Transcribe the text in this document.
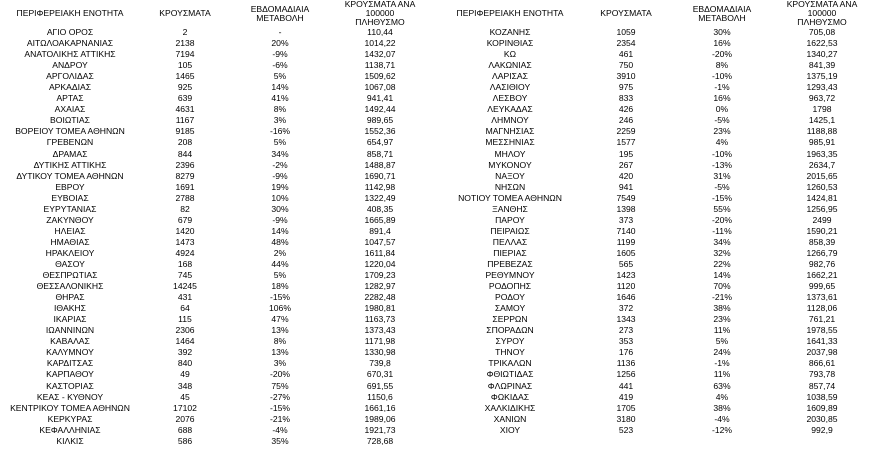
ΠΕΡΙΦΕΡΕΙΑΚΗ ΕΝΟΤΗΤΑ	ΚΡΟΥΣΜΑΤΑ	ΕΒΔΟΜΑΔΙΑΙΑ
ΜΕΤΑΒΟΛΗ	ΚΡΟΥΣΜΑΤΑ ΑΝΑ 100000
ΠΛΗΘΥΣΜΟ
ΑΓΙΟ ΟΡΟΣ	2	-	110,44
ΑΙΤΩΛΟΑΚΑΡΝΑΝΙΑΣ	2138	20%	1014,22
ΑΝΑΤΟΛΙΚΗΣ ΑΤΤΙΚΗΣ	7194	-9%	1432,07
ΑΝΔΡΟΥ	105	-6%	1138,71
ΑΡΓΟΛΙΔΑΣ	1465	5%	1509,62
ΑΡΚΑΔΙΑΣ	925	14%	1067,08
ΑΡΤΑΣ	639	41%	941,41
ΑΧΑΙΑΣ	4631	8%	1492,44
ΒΟΙΩΤΙΑΣ	1167	3%	989,65
ΒΟΡΕΙΟΥ ΤΟΜΕΑ ΑΘΗΝΩΝ	9185	-16%	1552,36
ΓΡΕΒΕΝΩΝ	208	5%	654,97
ΔΡΑΜΑΣ	844	34%	858,71
ΔΥΤΙΚΗΣ ΑΤΤΙΚΗΣ	2396	-2%	1488,87
ΔΥΤΙΚΟΥ ΤΟΜΕΑ ΑΘΗΝΩΝ	8279	-9%	1690,71
ΕΒΡΟΥ	1691	19%	1142,98
ΕΥΒΟΙΑΣ	2788	10%	1322,49
ΕΥΡΥΤΑΝΙΑΣ	82	30%	408,35
ΖΑΚΥΝΘΟΥ	679	-9%	1665,89
ΗΛΕΙΑΣ	1420	14%	891,4
ΗΜΑΘΙΑΣ	1473	48%	1047,57
ΗΡΑΚΛΕΙΟΥ	4924	2%	1611,84
ΘΑΣΟΥ	168	44%	1220,04
ΘΕΣΠΡΩΤΙΑΣ	745	5%	1709,23
ΘΕΣΣΑΛΟΝΙΚΗΣ	14245	18%	1282,97
ΘΗΡΑΣ	431	-15%	2282,48
ΙΘΑΚΗΣ	64	106%	1980,81
ΙΚΑΡΙΑΣ	115	47%	1163,73
ΙΩΑΝΝΙΝΩΝ	2306	13%	1373,43
ΚΑΒΑΛΑΣ	1464	8%	1171,98
ΚΑΛΥΜΝΟΥ	392	13%	1330,98
ΚΑΡΔΙΤΣΑΣ	840	3%	739,8
ΚΑΡΠΑΘΟΥ	49	-20%	670,31
ΚΑΣΤΟΡΙΑΣ	348	75%	691,55
ΚΕΑΣ - ΚΥΘΝΟΥ	45	-27%	1150,6
ΚΕΝΤΡΙΚΟΥ ΤΟΜΕΑ ΑΘΗΝΩΝ	17102	-15%	1661,16
ΚΕΡΚΥΡΑΣ	2076	-21%	1989,06
ΚΕΦΑΛΛΗΝΙΑΣ	688	-4%	1921,73
ΚΙΛΚΙΣ	586	35%	728,68
ΠΕΡΙΦΕΡΕΙΑΚΗ ΕΝΟΤΗΤΑ	ΚΡΟΥΣΜΑΤΑ	ΕΒΔΟΜΑΔΙΑΙΑ
ΜΕΤΑΒΟΛΗ	ΚΡΟΥΣΜΑΤΑ ΑΝΑ 100000
ΠΛΗΘΥΣΜΟ
ΚΟΖΑΝΗΣ	1059	30%	705,08
ΚΟΡΙΝΘΙΑΣ	2354	16%	1622,53
ΚΩ	461	-20%	1340,27
ΛΑΚΩΝΙΑΣ	750	8%	841,39
ΛΑΡΙΣΑΣ	3910	-10%	1375,19
ΛΑΣΙΘΙΟΥ	975	-1%	1293,43
ΛΕΣΒΟΥ	833	16%	963,72
ΛΕΥΚΑΔΑΣ	426	0%	1798
ΛΗΜΝΟΥ	246	-5%	1425,1
ΜΑΓΝΗΣΙΑΣ	2259	23%	1188,88
ΜΕΣΣΗΝΙΑΣ	1577	4%	985,91
ΜΗΛΟΥ	195	-10%	1963,35
ΜΥΚΟΝΟΥ	267	-13%	2634,7
ΝΑΞΟΥ	420	31%	2015,65
ΝΗΣΩΝ	941	-5%	1260,53
ΝΟΤΙΟΥ ΤΟΜΕΑ ΑΘΗΝΩΝ	7549	-15%	1424,81
ΞΑΝΘΗΣ	1398	55%	1256,95
ΠΑΡΟΥ	373	-20%	2499
ΠΕΙΡΑΙΩΣ	7140	-11%	1590,21
ΠΕΛΛΑΣ	1199	34%	858,39
ΠΙΕΡΙΑΣ	1605	32%	1266,79
ΠΡΕΒΕΖΑΣ	565	22%	982,76
ΡΕΘΥΜΝΟΥ	1423	14%	1662,21
ΡΟΔΟΠΗΣ	1120	70%	999,65
ΡΟΔΟΥ	1646	-21%	1373,61
ΣΑΜΟΥ	372	38%	1128,06
ΣΕΡΡΩΝ	1343	23%	761,21
ΣΠΟΡΑΔΩΝ	273	11%	1978,55
ΣΥΡΟΥ	353	5%	1641,33
ΤΗΝΟΥ	176	24%	2037,98
ΤΡΙΚΑΛΩΝ	1136	-1%	866,61
ΦΘΙΩΤΙΔΑΣ	1256	11%	793,78
ΦΛΩΡΙΝΑΣ	441	63%	857,74
ΦΩΚΙΔΑΣ	419	4%	1038,59
ΧΑΛΚΙΔΙΚΗΣ	1705	38%	1609,89
ΧΑΝΙΩΝ	3180	-4%	2030,85
ΧΙΟΥ	523	-12%	992,9
